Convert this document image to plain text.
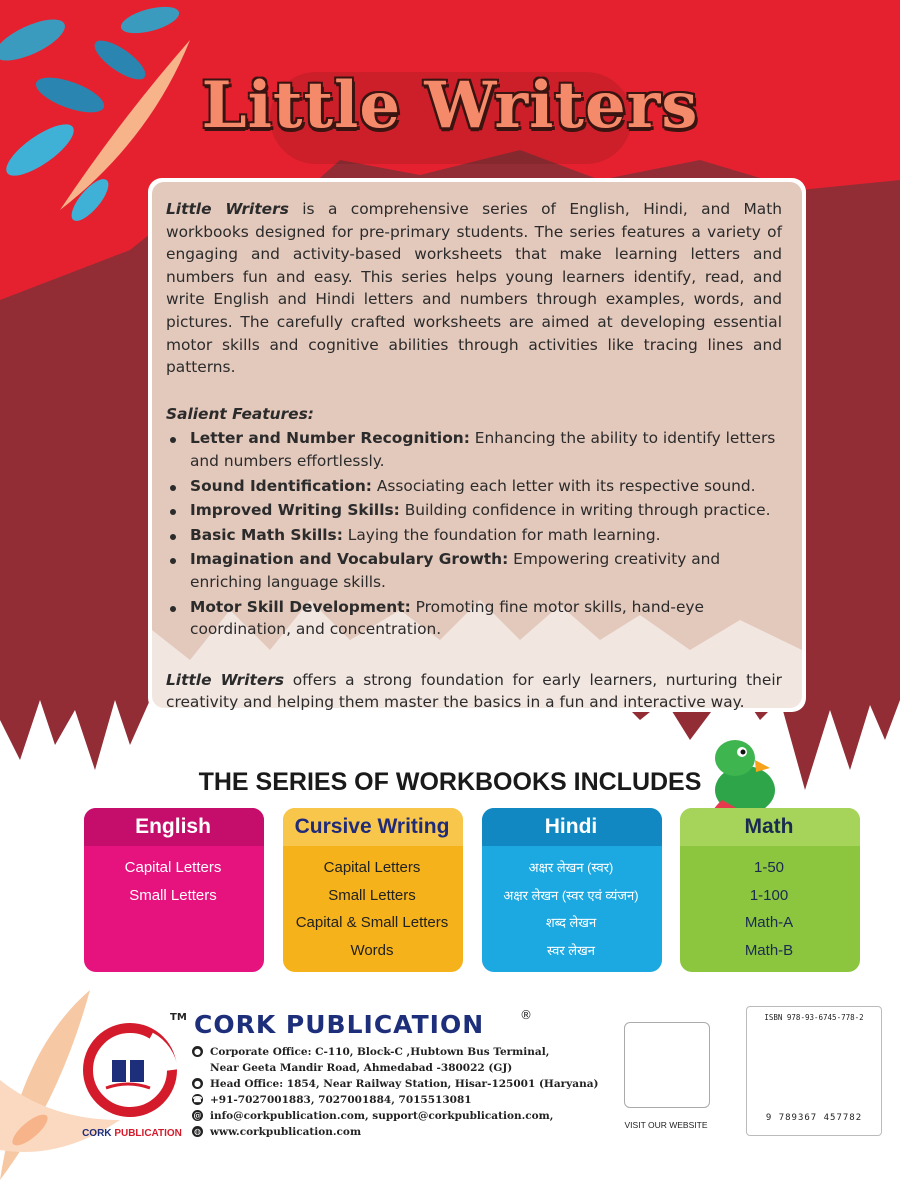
Little Writers

Little Writers is a comprehensive series of English, Hindi, and Math workbooks designed for pre-primary students. The series features a variety of engaging and activity-based worksheets that make learning letters and numbers fun and easy. This series helps young learners identify, read, and write English and Hindi letters and numbers through examples, words, and pictures. The carefully crafted worksheets are aimed at developing essential motor skills and cognitive abilities through activities like tracing lines and patterns.

Salient Features:
Letter and Number Recognition: Enhancing the ability to identify letters and numbers effortlessly.
Sound Identification: Associating each letter with its respective sound.
Improved Writing Skills: Building confidence in writing through practice.
Basic Math Skills: Laying the foundation for math learning.
Imagination and Vocabulary Growth: Empowering creativity and enriching language skills.
Motor Skill Development: Promoting fine motor skills, hand-eye coordination, and concentration.

Little Writers offers a strong foundation for early learners, nurturing their creativity and helping them master the basics in a fun and interactive way.

THE SERIES OF WORKBOOKS INCLUDES
English
Capital Letters
Small Letters
Cursive Writing
Capital Letters
Small Letters
Capital & Small Letters
Words
Hindi
अक्षर लेखन (स्वर)
अक्षर लेखन (स्वर एवं व्यंजन)
शब्द लेखन
स्वर लेखन
Math
1-50
1-100
Math-A
Math-B
TM CORK PUBLICATION	®
● Corporate Office: C-110, Block-C ,Hubtown Bus Terminal,
Near Geeta Mandir Road, Ahmedabad -380022 (GJ)
● Head Office: 1854, Near Railway Station, Hisar-125001 (Haryana)
☎ +91-7027001883, 7027001884, 7015513081
@ info@corkpublication.com, support@corkpublication.com,
◍ www.corkpublication.com
CORK PUBLICATION
VISIT OUR WEBSITE
ISBN 978-93-6745-778-2
9 789367 457782
